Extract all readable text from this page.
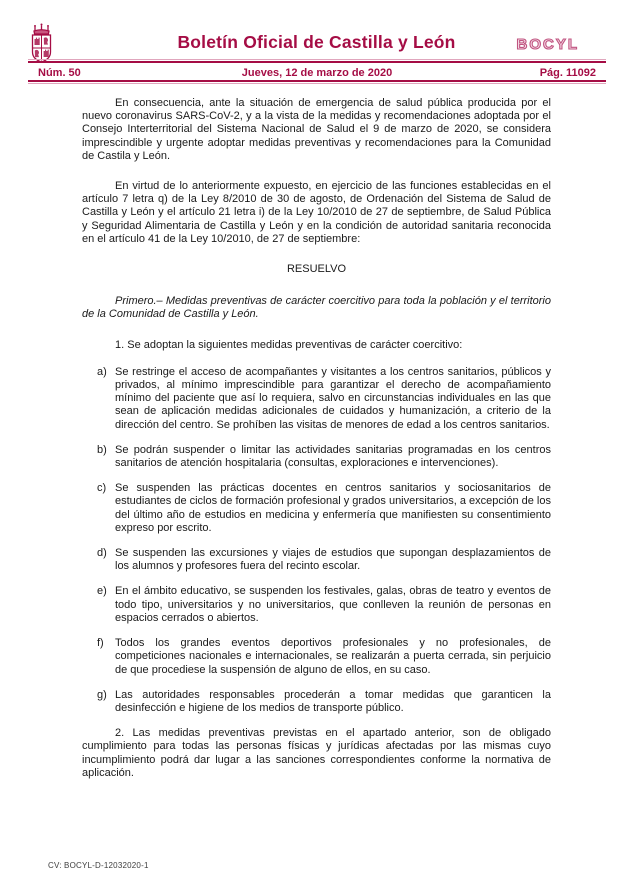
Boletín Oficial de Castilla y León	BOCYL
Núm. 50	Jueves, 12 de marzo de 2020	Pág. 11092

En consecuencia, ante la situación de emergencia de salud pública producida por el nuevo coronavirus SARS-CoV-2, y a la vista de la medidas y recomendaciones adoptada por el Consejo Interterritorial del Sistema Nacional de Salud el 9 de marzo de 2020, se considera imprescindible y urgente adoptar medidas preventivas y recomendaciones para la Comunidad de Castila y León.

En virtud de lo anteriormente expuesto, en ejercicio de las funciones establecidas en el artículo 7 letra q) de la Ley 8/2010 de 30 de agosto, de Ordenación del Sistema de Salud de Castilla y León y el artículo 21 letra i) de la Ley 10/2010 de 27 de septiembre, de Salud Pública y Seguridad Alimentaria de Castilla y León y en la condición de autoridad sanitaria reconocida en el artículo 41 de la Ley 10/2010, de 27 de septiembre:

RESUELVO

Primero.– Medidas preventivas de carácter coercitivo para toda la población y el territorio de la Comunidad de Castilla y León.

1. Se adoptan la siguientes medidas preventivas de carácter coercitivo:

a) Se restringe el acceso de acompañantes y visitantes a los centros sanitarios, públicos y privados, al mínimo imprescindible para garantizar el derecho de acompañamiento mínimo del paciente que así lo requiera, salvo en circunstancias individuales en las que sean de aplicación medidas adicionales de cuidados y humanización, a criterio de la dirección del centro. Se prohíben las visitas de menores de edad a los centros sanitarios.
b) Se podrán suspender o limitar las actividades sanitarias programadas en los centros sanitarios de atención hospitalaria (consultas, exploraciones e intervenciones).
c) Se suspenden las prácticas docentes en centros sanitarios y sociosanitarios de estudiantes de ciclos de formación profesional y grados universitarios, a excepción de los del último año de estudios en medicina y enfermería que manifiesten su consentimiento expreso por escrito.
d) Se suspenden las excursiones y viajes de estudios que supongan desplazamientos de los alumnos y profesores fuera del recinto escolar.
e) En el ámbito educativo, se suspenden los festivales, galas, obras de teatro y eventos de todo tipo, universitarios y no universitarios, que conlleven la reunión de personas en espacios cerrados o abiertos.
f)	Todos los grandes eventos deportivos profesionales y no profesionales, de competiciones nacionales e internacionales, se realizarán a puerta cerrada, sin perjuicio de que procediese la suspensión de alguno de ellos, en su caso.
g) Las autoridades responsables procederán a tomar medidas que garanticen la desinfección e higiene de los medios de transporte público.

2. Las medidas preventivas previstas en el apartado anterior, son de obligado cumplimiento para todas las personas físicas y jurídicas afectadas por las mismas cuyo incumplimiento podrá dar lugar a las sanciones correspondientes conforme la normativa de aplicación.

CV: BOCYL-D-12032020-1
